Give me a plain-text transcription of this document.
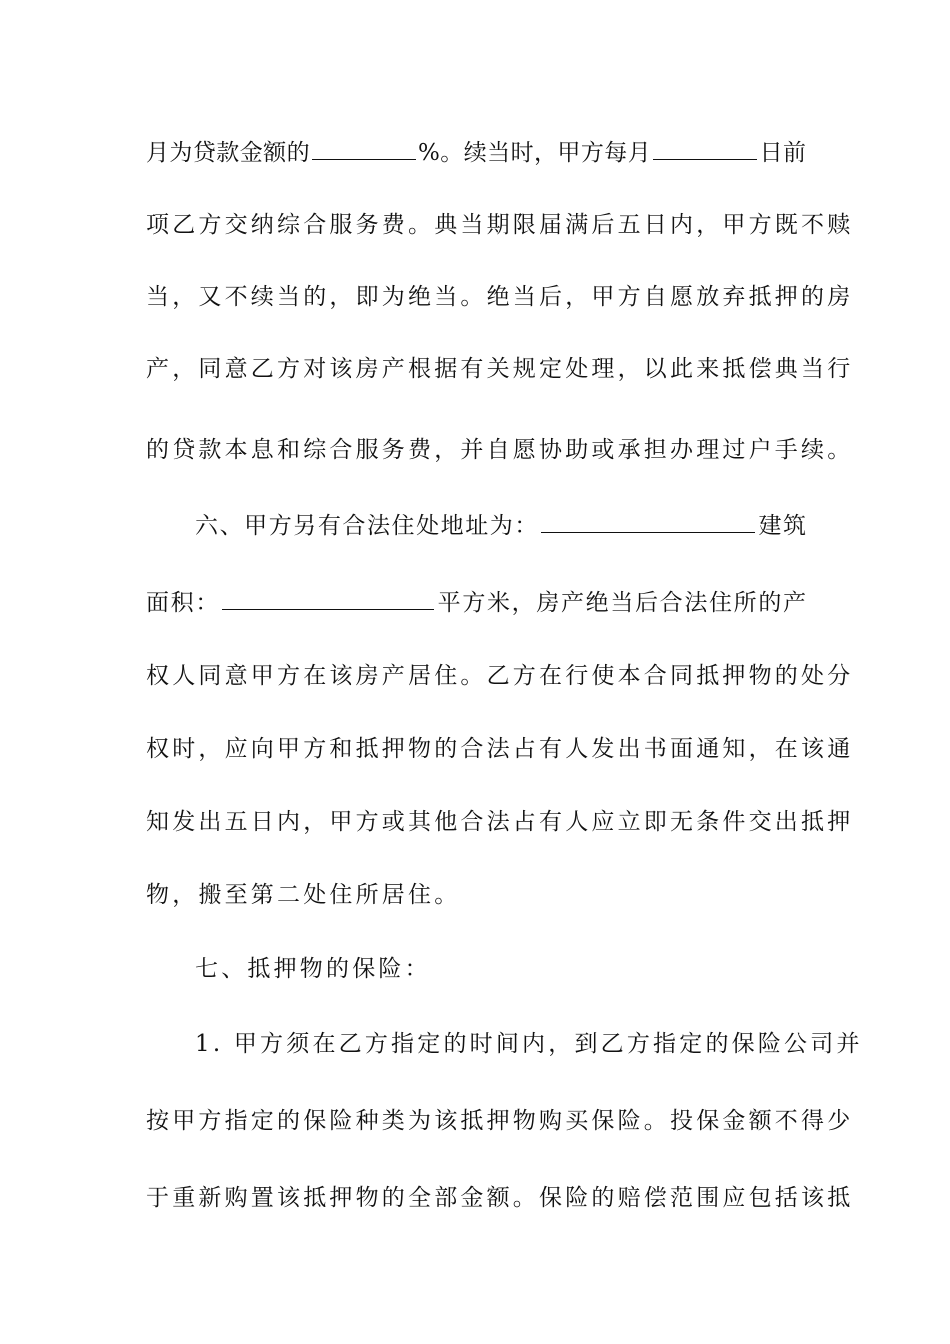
月为贷款金额的	%。续当时，甲方每月	日前
项乙方交纳综合服务费。典当期限届满后五日内，甲方既不赎
当，又不续当的，即为绝当。绝当后，甲方自愿放弃抵押的房
产，同意乙方对该房产根据有关规定处理，以此来抵偿典当行
的贷款本息和综合服务费，并自愿协助或承担办理过户手续。
六、甲方另有合法住处地址为：	建筑
面积：	平方米，房产绝当后合法住所的产
权人同意甲方在该房产居住。乙方在行使本合同抵押物的处分
权时，应向甲方和抵押物的合法占有人发出书面通知，在该通
知发出五日内，甲方或其他合法占有人应立即无条件交出抵押
物，搬至第二处住所居住。
七、抵押物的保险：
1. 甲方须在乙方指定的时间内，到乙方指定的保险公司并
按甲方指定的保险种类为该抵押物购买保险。投保金额不得少
于重新购置该抵押物的全部金额。保险的赔偿范围应包括该抵
